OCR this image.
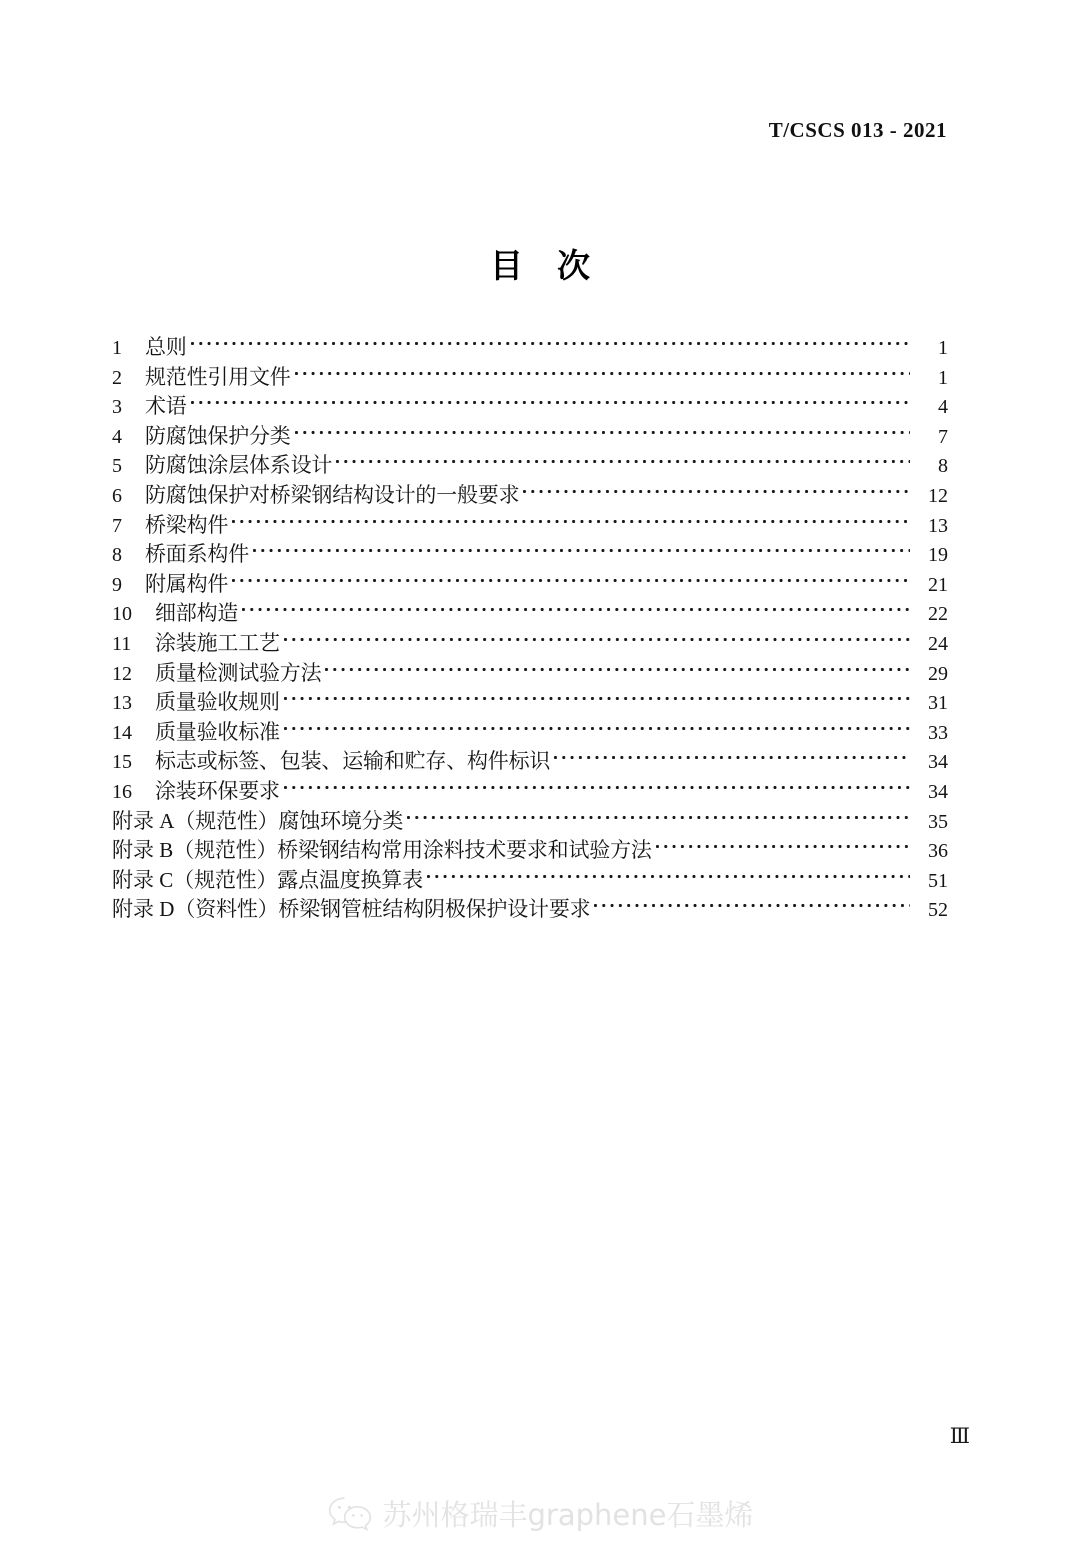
T/CSCS 013 - 2021
目 次
1	总则	1
2	规范性引用文件	1
3	术语	4
4	防腐蚀保护分类	7
5	防腐蚀涂层体系设计	8
6	防腐蚀保护对桥梁钢结构设计的一般要求	12
7	桥梁构件	13
8	桥面系构件	19
9	附属构件	21
10	细部构造	22
11	涂装施工工艺	24
12	质量检测试验方法	29
13	质量验收规则	31
14	质量验收标准	33
15	标志或标签、包装、运输和贮存、构件标识	34
16	涂装环保要求	34
附录 A （规范性）腐蚀环境分类	35
附录 B （规范性）桥梁钢结构常用涂料技术要求和试验方法	36
附录 C （规范性）露点温度换算表	51
附录 D （资料性）桥梁钢管桩结构阴极保护设计要求	52
Ⅲ
苏州格瑞丰graphene石墨烯
